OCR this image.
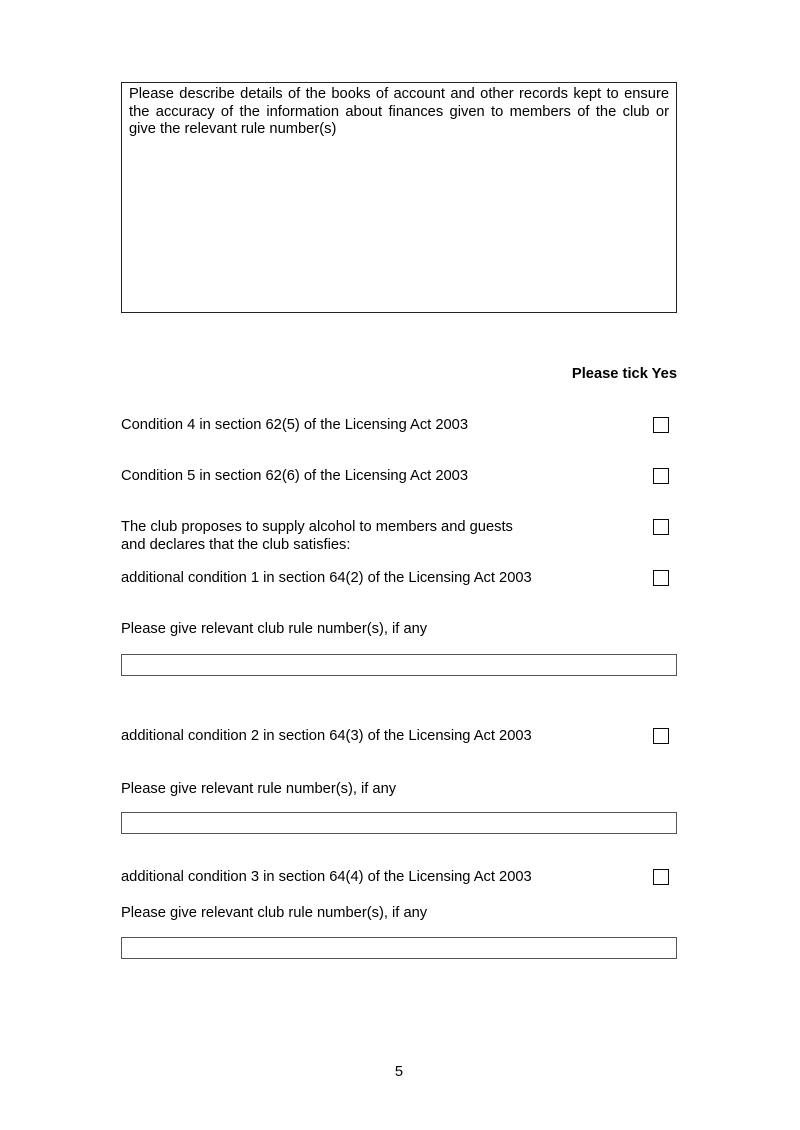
Please describe details of the books of account and other records kept to ensure the accuracy of the information about finances given to members of the club or give the relevant rule number(s)
Please tick Yes
Condition 4 in section 62(5) of the Licensing Act 2003
Condition 5 in section 62(6) of the Licensing Act 2003
The club proposes to supply alcohol to members and guests
and declares that the club satisfies:
additional condition 1 in section 64(2) of the Licensing Act 2003
Please give relevant club rule number(s), if any
additional condition 2 in section 64(3) of the Licensing Act 2003
Please give relevant rule number(s), if any
additional condition 3 in section 64(4) of the Licensing Act 2003
Please give relevant club rule number(s), if any
5
